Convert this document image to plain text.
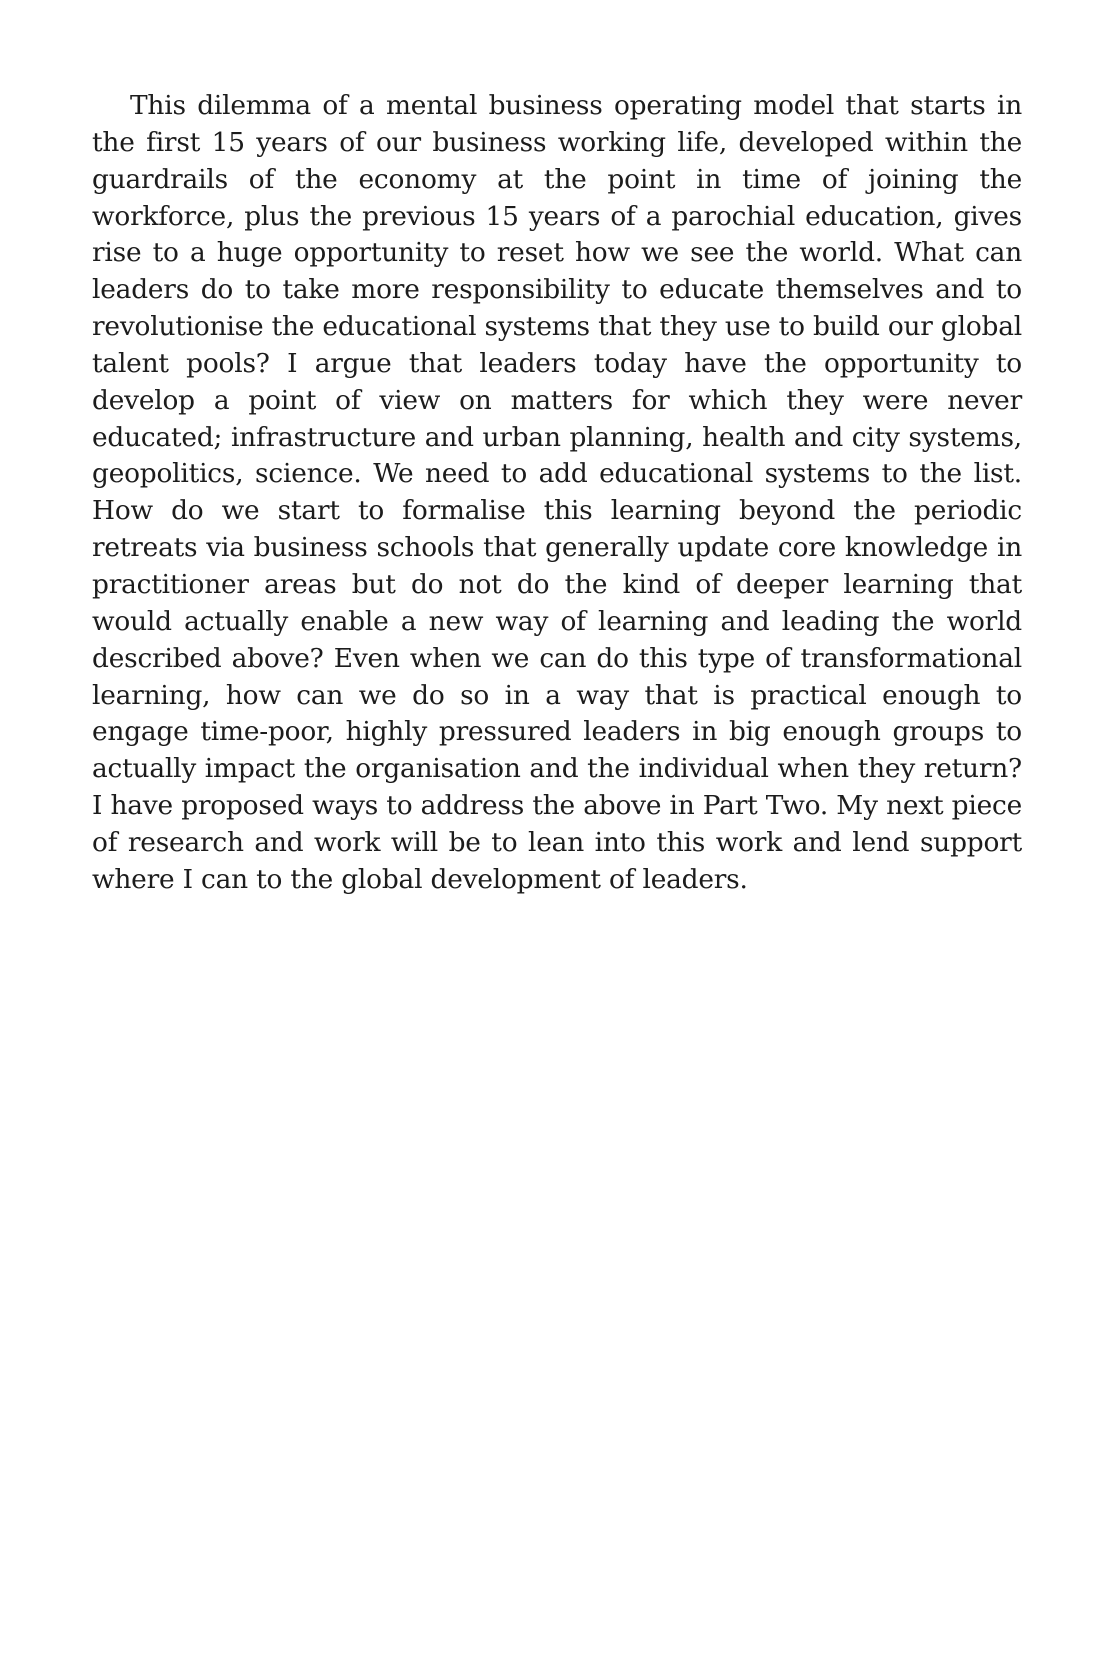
This dilemma of a mental business operating model that starts in the first 15 years of our business working life, developed within the guardrails of the economy at the point in time of joining the workforce, plus the previous 15 years of a parochial education, gives rise to a huge opportunity to reset how we see the world. What can leaders do to take more responsibility to educate themselves and to revolutionise the educational systems that they use to build our global talent pools? I argue that leaders today have the opportunity to develop a point of view on matters for which they were never educated; infrastructure and urban planning, health and city systems, geopolitics, science. We need to add educational systems to the list. How do we start to formalise this learning beyond the periodic retreats via business schools that generally update core knowledge in practitioner areas but do not do the kind of deeper learning that would actually enable a new way of learning and leading the world described above? Even when we can do this type of transformational learning, how can we do so in a way that is practical enough to engage time-poor, highly pressured leaders in big enough groups to actually impact the organisation and the individual when they return? I have proposed ways to address the above in Part Two. My next piece of research and work will be to lean into this work and lend support where I can to the global development of leaders.
